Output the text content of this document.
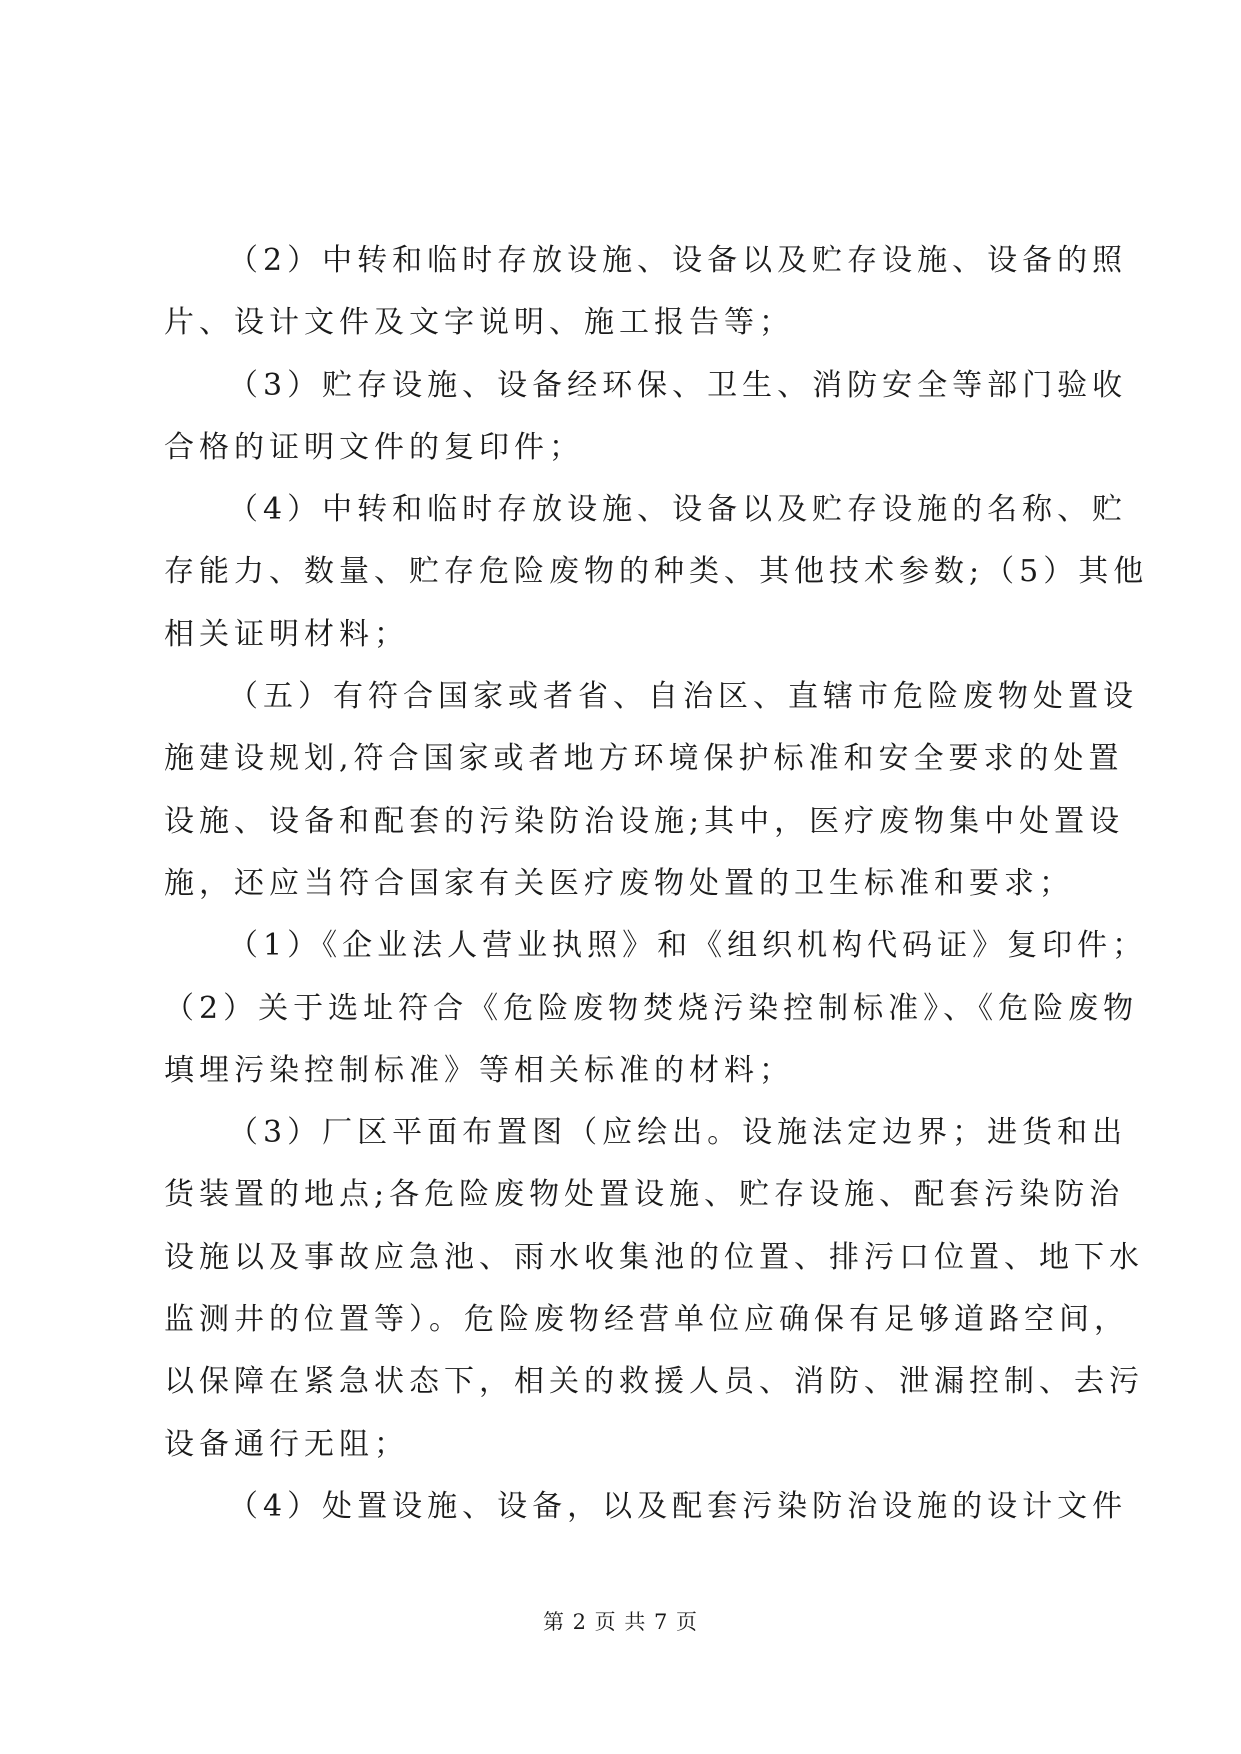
（2）中转和临时存放设施、设备以及贮存设施、设备的照
片、设计文件及文字说明、施工报告等；
（3）贮存设施、设备经环保、卫生、消防安全等部门验收
合格的证明文件的复印件；
（4）中转和临时存放设施、设备以及贮存设施的名称、贮
存能力、数量、贮存危险废物的种类、其他技术参数;（5）其他
相关证明材料；
（五）有符合国家或者省、自治区、直辖市危险废物处置设
施建设规划,符合国家或者地方环境保护标准和安全要求的处置
设施、设备和配套的污染防治设施;其中，医疗废物集中处置设
施，还应当符合国家有关医疗废物处置的卫生标准和要求；
（1）《企业法人营业执照》和《组织机构代码证》复印件；
（2）关于选址符合《危险废物焚烧污染控制标准》、《危险废物
填埋污染控制标准》等相关标准的材料；
（3）厂区平面布置图（应绘出。设施法定边界；进货和出
货装置的地点;各危险废物处置设施、贮存设施、配套污染防治
设施以及事故应急池、雨水收集池的位置、排污口位置、地下水
监测井的位置等）。危险废物经营单位应确保有足够道路空间，
以保障在紧急状态下，相关的救援人员、消防、泄漏控制、去污
设备通行无阻；
（4）处置设施、设备，以及配套污染防治设施的设计文件
第 2 页 共 7 页
